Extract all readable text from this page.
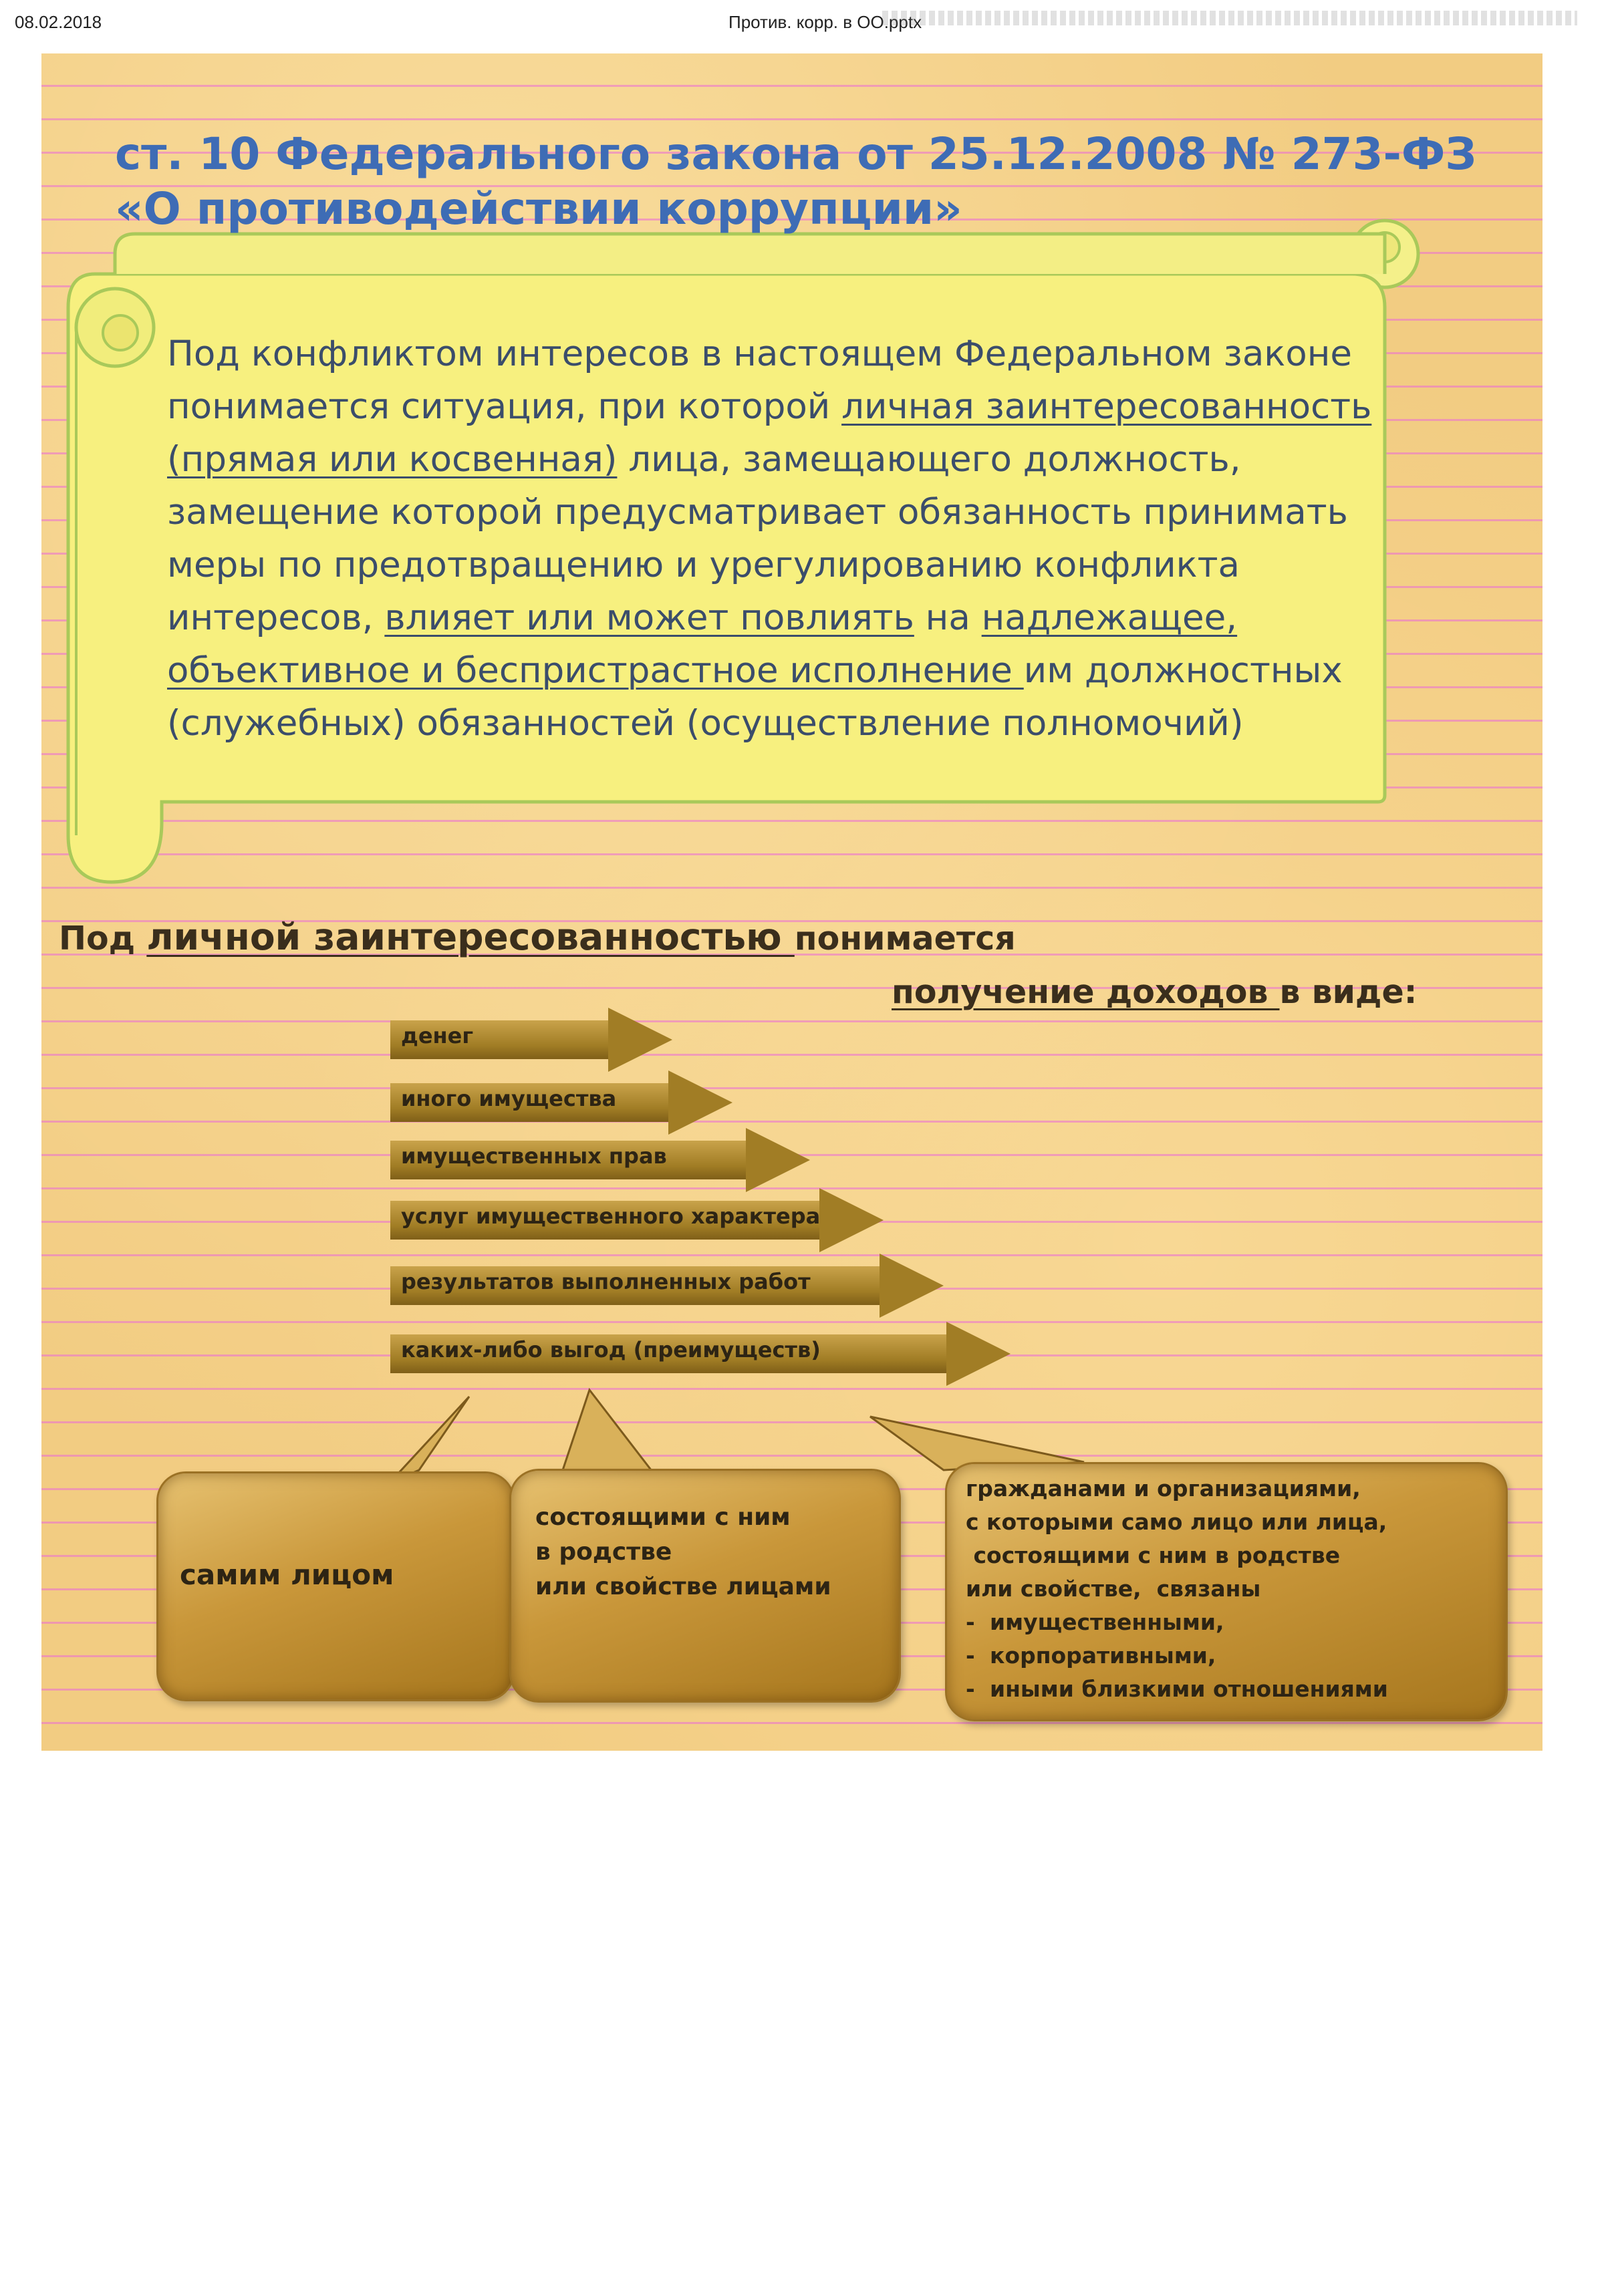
08.02.2018	Против. корр. в ОО.pptx
ст. 10 Федерального закона от 25.12.2008 № 273-ФЗ «О противодействии коррупции»

Под конфликтом интересов в настоящем Федеральном законе понимается ситуация, при которой личная заинтересованность (прямая или косвенная) лица, замещающего должность, замещение которой предусматривает обязанность принимать меры по предотвращению и урегулированию конфликта интересов, влияет или может повлиять на надлежащее, объективное и беспристрастное исполнение им должностных (служебных) обязанностей (осуществление полномочий)

Под личной заинтересованностью понимается
получение доходов в виде:
денег
иного имущества
имущественных прав
услуг имущественного характера
результатов выполненных работ
каких-либо выгод (преимуществ)

самим лицом

состоящими с ним
в родстве
или свойстве лицами

гражданами и организациями,
с которыми само лицо или лица,
состоящими с ним в родстве
или свойстве,  связаны
- имущественными,
- корпоративными,
- иными близкими отношениями
